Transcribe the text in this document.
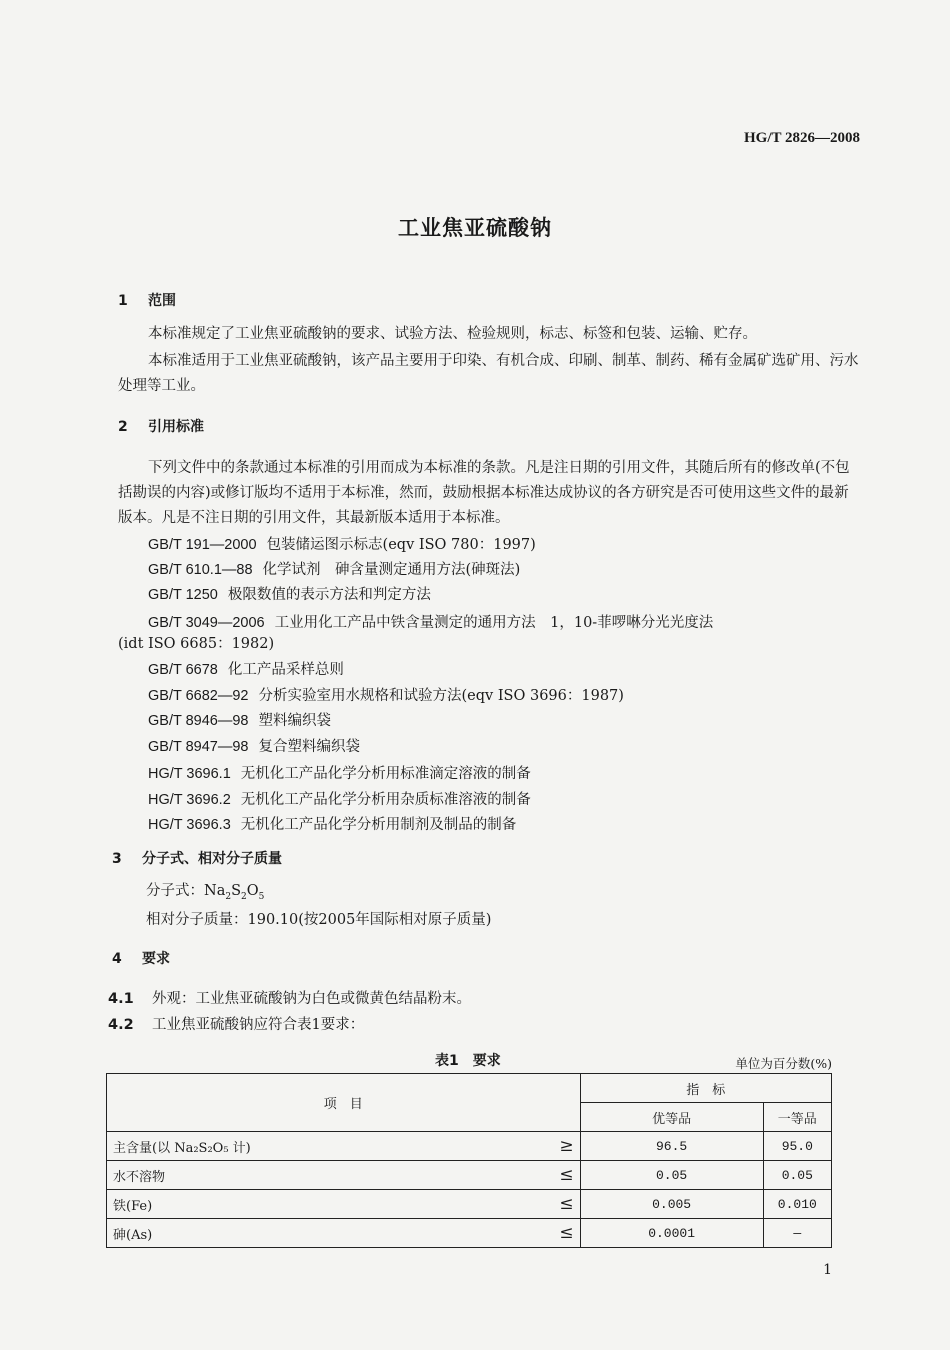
HG/T 2826—2008
工业焦亚硫酸钠
1 范围
本标准规定了工业焦亚硫酸钠的要求、试验方法、检验规则，标志、标签和包装、运输、贮存。
本标准适用于工业焦亚硫酸钠，该产品主要用于印染、有机合成、印刷、制革、制药、稀有金属矿选矿用、污水处理等工业。
2 引用标准
下列文件中的条款通过本标准的引用而成为本标准的条款。凡是注日期的引用文件，其随后所有的修改单(不包括勘误的内容)或修订版均不适用于本标准，然而，鼓励根据本标准达成协议的各方研究是否可使用这些文件的最新版本。凡是不注日期的引用文件，其最新版本适用于本标准。
GB/T 191—2000 包装储运图示标志(eqv ISO 780：1997)
GB/T 610.1—88 化学试剂　砷含量测定通用方法(砷斑法)
GB/T 1250 极限数值的表示方法和判定方法
GB/T 3049—2006 工业用化工产品中铁含量测定的通用方法　1，10-菲啰啉分光光度法
(idt ISO 6685：1982)
GB/T 6678 化工产品采样总则
GB/T 6682—92 分析实验室用水规格和试验方法(eqv ISO 3696：1987)
GB/T 8946—98 塑料编织袋
GB/T 8947—98 复合塑料编织袋
HG/T 3696.1 无机化工产品化学分析用标准滴定溶液的制备
HG/T 3696.2 无机化工产品化学分析用杂质标准溶液的制备
HG/T 3696.3 无机化工产品化学分析用制剂及制品的制备
3 分子式、相对分子质量
分子式：$Na_2S_2O_5$
相对分子质量：190.10(按2005年国际相对原子质量)
4 要求
4.1 外观：工业焦亚硫酸钠为白色或微黄色结晶粉末。
4.2 工业焦亚硫酸钠应符合表1要求：
表1　要求	单位为百分数(%)
项　目		指　标	
		优等品	一等品
主含量(以 Na₂S₂O₅ 计)	≥	96.5	95.0
水不溶物	≤	0.05	0.05
铁(Fe)	≤	0.005	0.010
砷(As)	≤	0.0001	—
1
